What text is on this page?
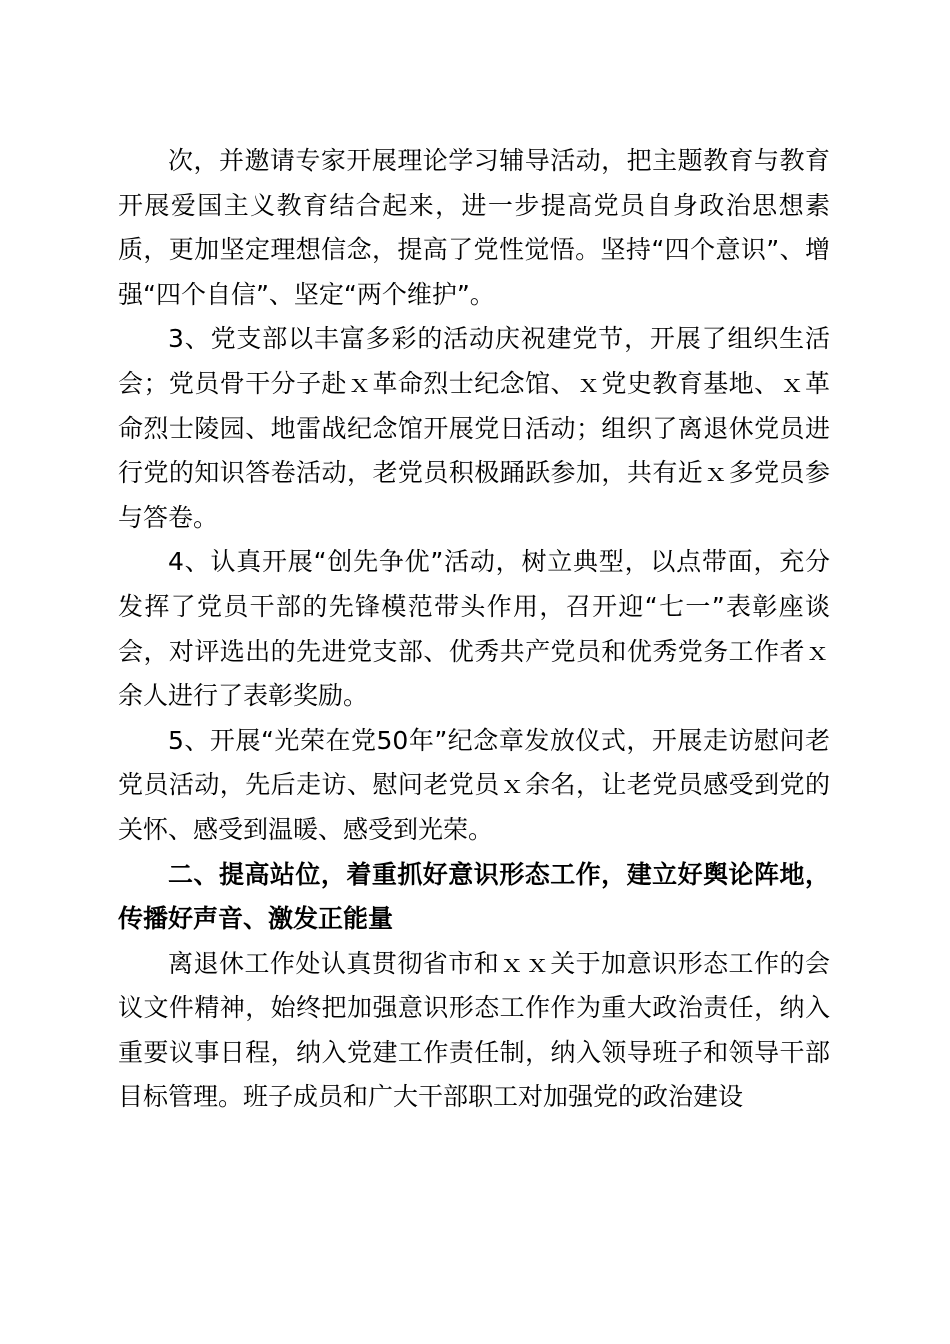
次，并邀请专家开展理论学习辅导活动，把主题教育与教育开展爱国主义教育结合起来，进一步提高党员自身政治思想素质，更加坚定理想信念，提高了党性觉悟。坚持“四个意识”、增强“四个自信”、坚定“两个维护”。

3、党支部以丰富多彩的活动庆祝建党节，开展了组织生活会；党员骨干分子赴ｘ革命烈士纪念馆、ｘ党史教育基地、ｘ革命烈士陵园、地雷战纪念馆开展党日活动；组织了离退休党员进行党的知识答卷活动，老党员积极踊跃参加，共有近ｘ多党员参与答卷。

4、认真开展“创先争优”活动，树立典型，以点带面，充分发挥了党员干部的先锋模范带头作用，召开迎“七一”表彰座谈会，对评选出的先进党支部、优秀共产党员和优秀党务工作者ｘ余人进行了表彰奖励。

5、开展“光荣在党50年”纪念章发放仪式，开展走访慰问老党员活动，先后走访、慰问老党员ｘ余名，让老党员感受到党的关怀、感受到温暖、感受到光荣。

二、提高站位，着重抓好意识形态工作，建立好舆论阵地，传播好声音、激发正能量

离退休工作处认真贯彻省市和ｘｘ关于加意识形态工作的会议文件精神，始终把加强意识形态工作作为重大政治责任，纳入重要议事日程，纳入党建工作责任制，纳入领导班子和领导干部目标管理。班子成员和广大干部职工对加强党的政治建设
